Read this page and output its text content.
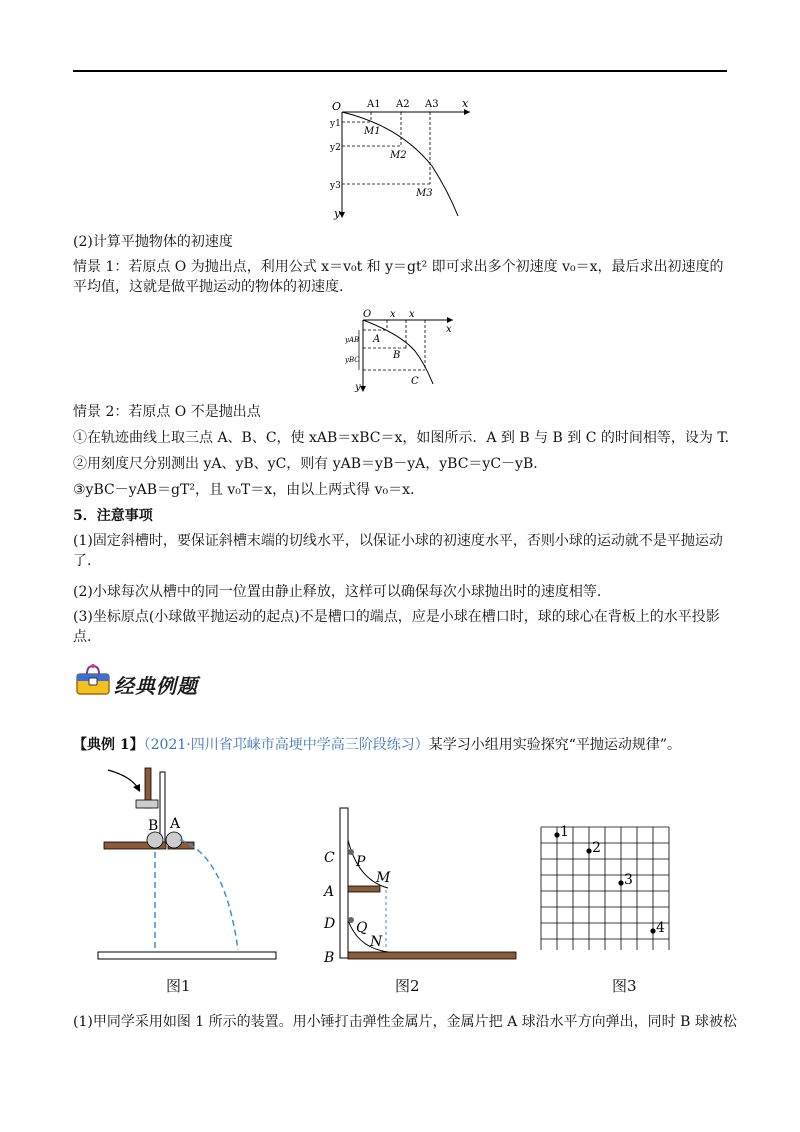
O	x
y
A1 A2 A3
y1
y2
y3
M1
M2
M3
(2)计算平抛物体的初速度
情景 1：若原点 O 为抛出点，利用公式 x＝v₀t 和 y＝gt² 即可求出多个初速度 v₀＝x，最后求出初速度的平均值，这就是做平抛运动的物体的初速度.
O x x
x
y
yAB
yBC
A
B
C
情景 2：若原点 O 不是抛出点
①在轨迹曲线上取三点 A、B、C，使 xAB＝xBC＝x，如图所示．A 到 B 与 B 到 C 的时间相等，设为 T.
②用刻度尺分别测出 yA、yB、yC，则有 yAB＝yB－yA，yBC＝yC－yB.
③yBC－yAB＝gT²，且 v₀T＝x，由以上两式得 v₀＝x.
5．注意事项
(1)固定斜槽时，要保证斜槽末端的切线水平，以保证小球的初速度水平，否则小球的运动就不是平抛运动了.
(2)小球每次从槽中的同一位置由静止释放，这样可以确保每次小球抛出时的速度相等.
(3)坐标原点(小球做平抛运动的起点)不是槽口的端点，应是小球在槽口时，球的球心在背板上的水平投影点.
经典例题
【典例 1】（2021·四川省邛崃市高埂中学高三阶段练习）某学习小组用实验探究“平抛运动规律”。
B A
图1
C P
M
A
D Q
N
B
图2
1
2
3
4
图3
(1)甲同学采用如图 1 所示的装置。用小锤打击弹性金属片，金属片把 A 球沿水平方向弹出，同时 B 球被松
